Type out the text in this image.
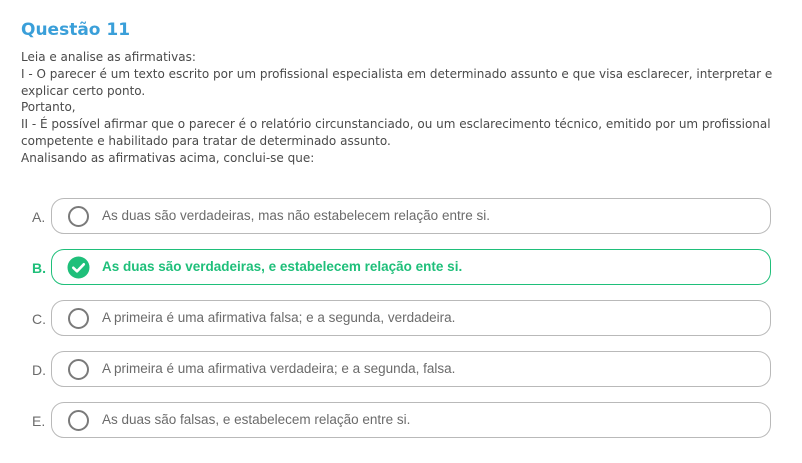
Questão 11
Leia e analise as afirmativas:
I - O parecer é um texto escrito por um profissional especialista em determinado assunto e que visa esclarecer, interpretar e explicar certo ponto.
Portanto,
II - É possível afirmar que o parecer é o relatório circunstanciado, ou um esclarecimento técnico, emitido por um profissional competente e habilitado para tratar de determinado assunto.
Analisando as afirmativas acima, conclui-se que:
A.	As duas são verdadeiras, mas não estabelecem relação entre si.
B.	As duas são verdadeiras, e estabelecem relação ente si.
C.	A primeira é uma afirmativa falsa; e a segunda, verdadeira.
D.	A primeira é uma afirmativa verdadeira; e a segunda, falsa.
E.	As duas são falsas, e estabelecem relação entre si.
